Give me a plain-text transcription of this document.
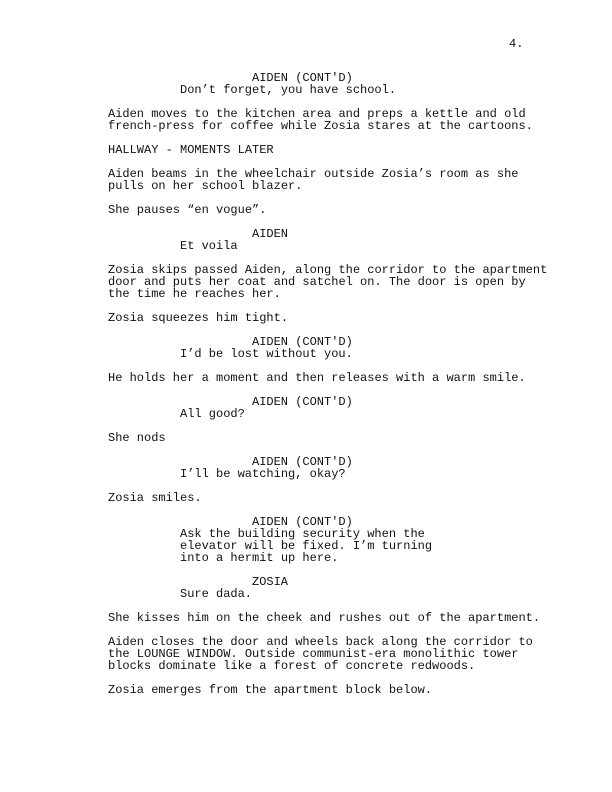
4.
AIDEN (CONT'D)
Don’t forget, you have school.
Aiden moves to the kitchen area and preps a kettle and old
french-press for coffee while Zosia stares at the cartoons.
HALLWAY - MOMENTS LATER
Aiden beams in the wheelchair outside Zosia’s room as she
pulls on her school blazer.
She pauses “en vogue”.
AIDEN
Et voila
Zosia skips passed Aiden, along the corridor to the apartment
door and puts her coat and satchel on. The door is open by
the time he reaches her.
Zosia squeezes him tight.
AIDEN (CONT'D)
I’d be lost without you.
He holds her a moment and then releases with a warm smile.
AIDEN (CONT'D)
All good?
She nods
AIDEN (CONT'D)
I’ll be watching, okay?
Zosia smiles.
AIDEN (CONT'D)
Ask the building security when the
elevator will be fixed. I’m turning
into a hermit up here.
ZOSIA
Sure dada.
She kisses him on the cheek and rushes out of the apartment.
Aiden closes the door and wheels back along the corridor to
the LOUNGE WINDOW. Outside communist-era monolithic tower
blocks dominate like a forest of concrete redwoods.
Zosia emerges from the apartment block below.
